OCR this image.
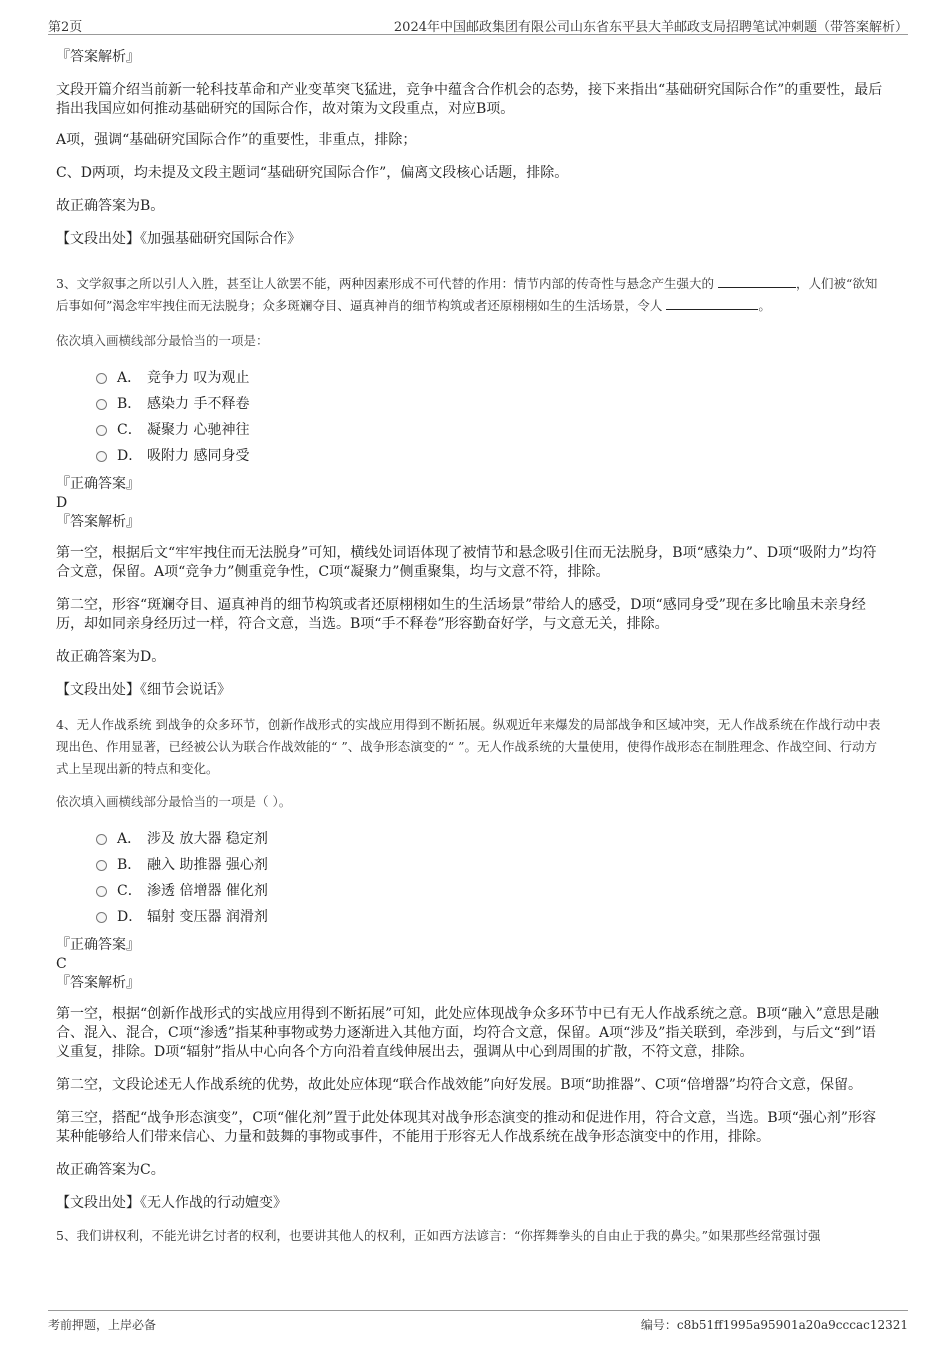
第2页	2024年中国邮政集团有限公司山东省东平县大羊邮政支局招聘笔试冲刺题（带答案解析）

『答案解析』

文段开篇介绍当前新一轮科技革命和产业变革突飞猛进，竞争中蕴含合作机会的态势，接下来指出“基础研究国际合作”的重要性，最后指出我国应如何推动基础研究的国际合作，故对策为文段重点，对应B项。

A项，强调“基础研究国际合作”的重要性，非重点，排除；

C、D两项，均未提及文段主题词“基础研究国际合作”，偏离文段核心话题，排除。

故正确答案为B。

【文段出处】《加强基础研究国际合作》

3、文学叙事之所以引人入胜，甚至让人欲罢不能，两种因素形成不可代替的作用：情节内部的传奇性与悬念产生强大的	，人们被“欲知后事如何”渴念牢牢拽住而无法脱身；众多斑斓夺目、逼真神肖的细节构筑或者还原栩栩如生的生活场景，令人	。

依次填入画横线部分最恰当的一项是：

A． 竞争力 叹为观止
B． 感染力 手不释卷
C． 凝聚力 心驰神往
D． 吸附力 感同身受

『正确答案』

D

『答案解析』

第一空，根据后文“牢牢拽住而无法脱身”可知，横线处词语体现了被情节和悬念吸引住而无法脱身，B项“感染力”、D项“吸附力”均符合文意，保留。A项“竞争力”侧重竞争性，C项“凝聚力”侧重聚集，均与文意不符，排除。

第二空，形容“斑斓夺目、逼真神肖的细节构筑或者还原栩栩如生的生活场景”带给人的感受，D项“感同身受”现在多比喻虽未亲身经历，却如同亲身经历过一样，符合文意，当选。B项“手不释卷”形容勤奋好学，与文意无关，排除。

故正确答案为D。

【文段出处】《细节会说话》

4、无人作战系统 到战争的众多环节，创新作战形式的实战应用得到不断拓展。纵观近年来爆发的局部战争和区域冲突，无人作战系统在作战行动中表现出色、作用显著，已经被公认为联合作战效能的“ ”、战争形态演变的“ ”。无人作战系统的大量使用，使得作战形态在制胜理念、作战空间、行动方式上呈现出新的特点和变化。

依次填入画横线部分最恰当的一项是（ ）。

A． 涉及 放大器 稳定剂
B． 融入 助推器 强心剂
C． 渗透 倍增器 催化剂
D． 辐射 变压器 润滑剂

『正确答案』

C

『答案解析』

第一空，根据“创新作战形式的实战应用得到不断拓展”可知，此处应体现战争众多环节中已有无人作战系统之意。B项“融入”意思是融合、混入、混合，C项“渗透”指某种事物或势力逐渐进入其他方面，均符合文意，保留。A项“涉及”指关联到，牵涉到，与后文“到”语义重复，排除。D项“辐射”指从中心向各个方向沿着直线伸展出去，强调从中心到周围的扩散，不符文意，排除。

第二空，文段论述无人作战系统的优势，故此处应体现“联合作战效能”向好发展。B项“助推器”、C项“倍增器”均符合文意，保留。

第三空，搭配“战争形态演变”，C项“催化剂”置于此处体现其对战争形态演变的推动和促进作用，符合文意，当选。B项“强心剂”形容某种能够给人们带来信心、力量和鼓舞的事物或事件，不能用于形容无人作战系统在战争形态演变中的作用，排除。

故正确答案为C。

【文段出处】《无人作战的行动嬗变》

5、我们讲权利，不能光讲乞讨者的权利，也要讲其他人的权利，正如西方法谚言：“你挥舞拳头的自由止于我的鼻尖。”如果那些经常强讨强

考前押题，上岸必备	编号：c8b51ff1995a95901a20a9cccac12321
